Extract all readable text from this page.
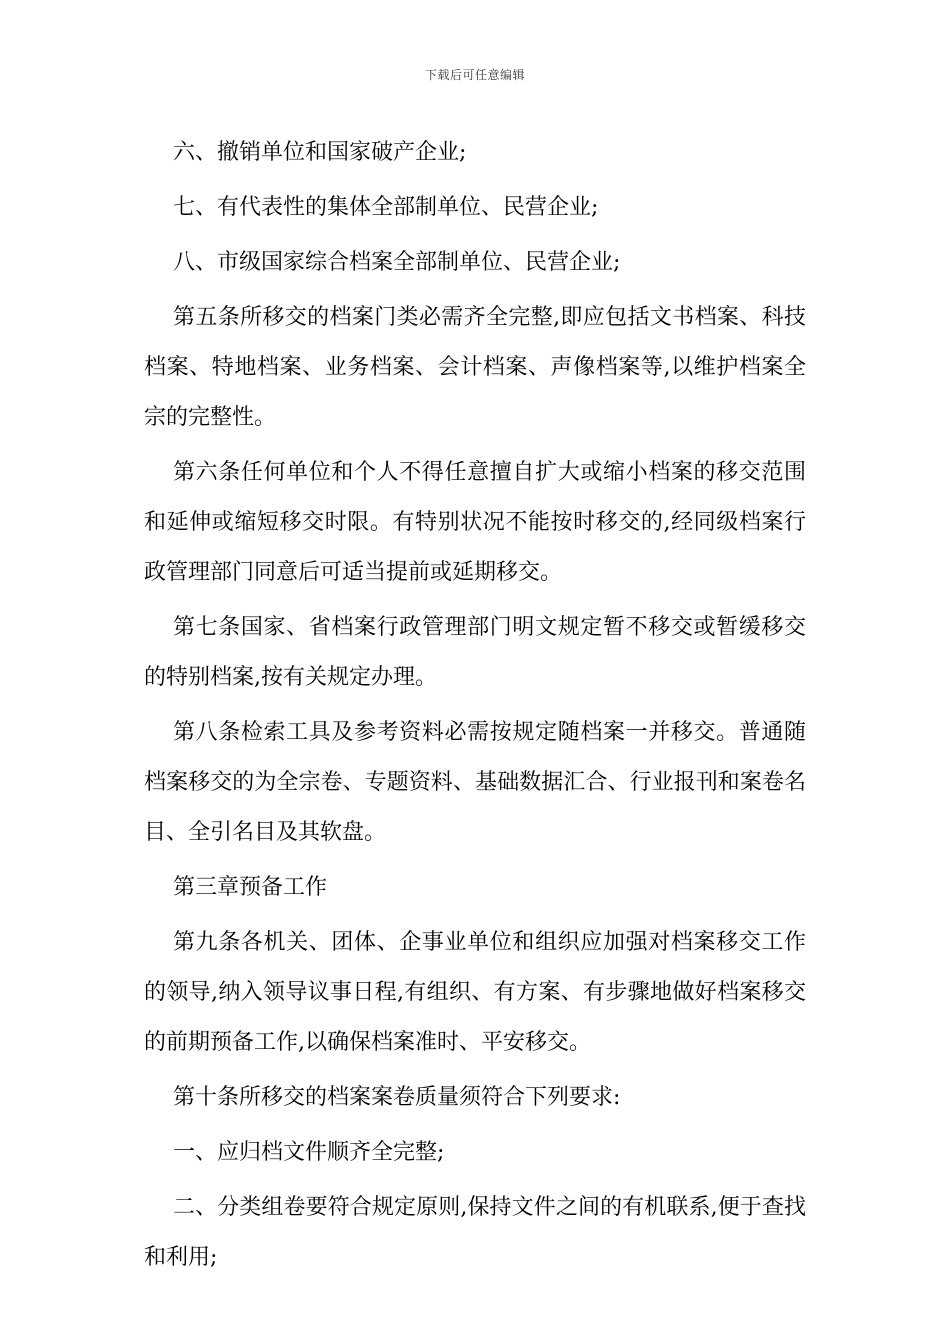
下载后可任意编辑

六、撤销单位和国家破产企业;

七、有代表性的集体全部制单位、民营企业;

八、市级国家综合档案全部制单位、民营企业;

第五条所移交的档案门类必需齐全完整,即应包括文书档案、科技档案、特地档案、业务档案、会计档案、声像档案等,以维护档案全宗的完整性。

第六条任何单位和个人不得任意擅自扩大或缩小档案的移交范围和延伸或缩短移交时限。有特别状况不能按时移交的,经同级档案行政管理部门同意后可适当提前或延期移交。

第七条国家、省档案行政管理部门明文规定暂不移交或暂缓移交的特别档案,按有关规定办理。

第八条检索工具及参考资料必需按规定随档案一并移交。普通随档案移交的为全宗卷、专题资料、基础数据汇合、行业报刊和案卷名目、全引名目及其软盘。

第三章预备工作

第九条各机关、团体、企事业单位和组织应加强对档案移交工作的领导,纳入领导议事日程,有组织、有方案、有步骤地做好档案移交的前期预备工作,以确保档案准时、平安移交。

第十条所移交的档案案卷质量须符合下列要求:

一、应归档文件顺齐全完整;

二、分类组卷要符合规定原则,保持文件之间的有机联系,便于查找和利用;
